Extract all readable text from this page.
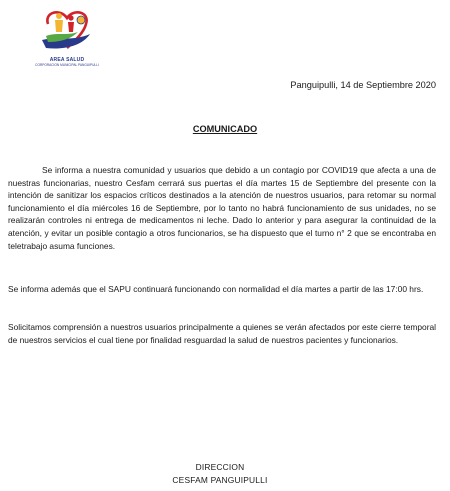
AREA SALUD
CORPORACION MUNICIPAL PANGUIPULLI
Panguipulli, 14 de Septiembre 2020
COMUNICADO

Se informa a nuestra comunidad y usuarios que debido a un contagio por COVID19 que afecta a una de nuestras funcionarias, nuestro Cesfam cerrará sus puertas el día martes 15 de Septiembre del presente con la intención de sanitizar los espacios críticos destinados a la atención de nuestros usuarios, para retomar su normal funcionamiento el día miércoles 16 de Septiembre, por lo tanto no habrá funcionamiento de sus unidades, no se realizarán controles ni entrega de medicamentos ni leche. Dado lo anterior y para asegurar la continuidad de la atención, y evitar un posible contagio a otros funcionarios, se ha dispuesto que el turno n° 2 que se encontraba en teletrabajo asuma funciones.

Se informa además que el SAPU continuará funcionando con normalidad el día martes a partir de las 17:00 hrs.

Solicitamos comprensión a nuestros usuarios principalmente a quienes se verán afectados por este cierre temporal de nuestros servicios el cual tiene por finalidad resguardad la salud de nuestros pacientes y funcionarios.

DIRECCION
CESFAM PANGUIPULLI
